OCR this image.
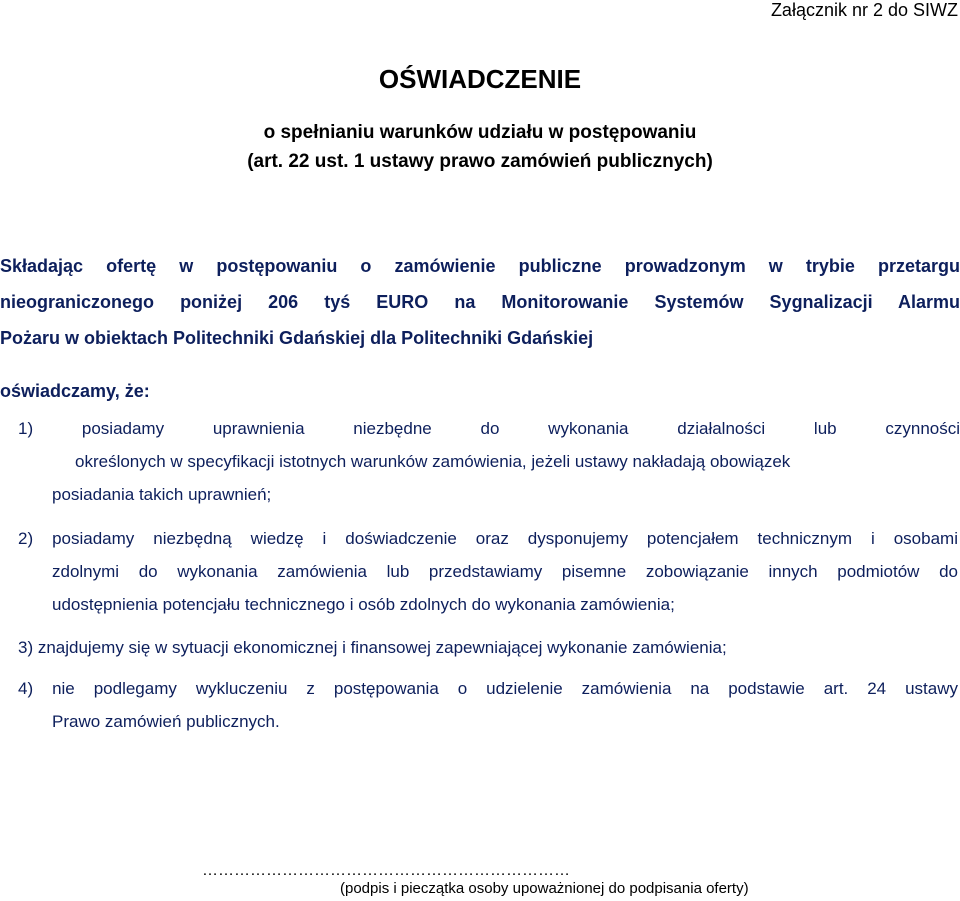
Załącznik nr 2 do SIWZ
OŚWIADCZENIE
o spełnianiu warunków udziału w postępowaniu
(art. 22 ust. 1 ustawy prawo zamówień publicznych)
Składając ofertę w postępowaniu o zamówienie publiczne prowadzonym w trybie przetargu
nieograniczonego poniżej 206 tyś EURO na Monitorowanie Systemów Sygnalizacji Alarmu
Pożaru w obiektach Politechniki Gdańskiej dla Politechniki Gdańskiej
oświadczamy, że:
1) posiadamy uprawnienia niezbędne do wykonania działalności lub czynności
określonych w specyfikacji istotnych warunków zamówienia, jeżeli ustawy nakładają obowiązek
posiadania takich uprawnień;
2) posiadamy niezbędną wiedzę i doświadczenie oraz dysponujemy potencjałem technicznym i osobami
zdolnymi do wykonania zamówienia lub przedstawiamy pisemne zobowiązanie innych podmiotów do
udostępnienia potencjału technicznego i osób zdolnych do wykonania zamówienia;
3) znajdujemy się w sytuacji ekonomicznej i finansowej zapewniającej wykonanie zamówienia;
4) nie podlegamy wykluczeniu z postępowania o udzielenie zamówienia na podstawie art. 24 ustawy
Prawo zamówień publicznych.
……………………………………………………………
(podpis i pieczątka osoby upoważnionej do podpisania oferty)
